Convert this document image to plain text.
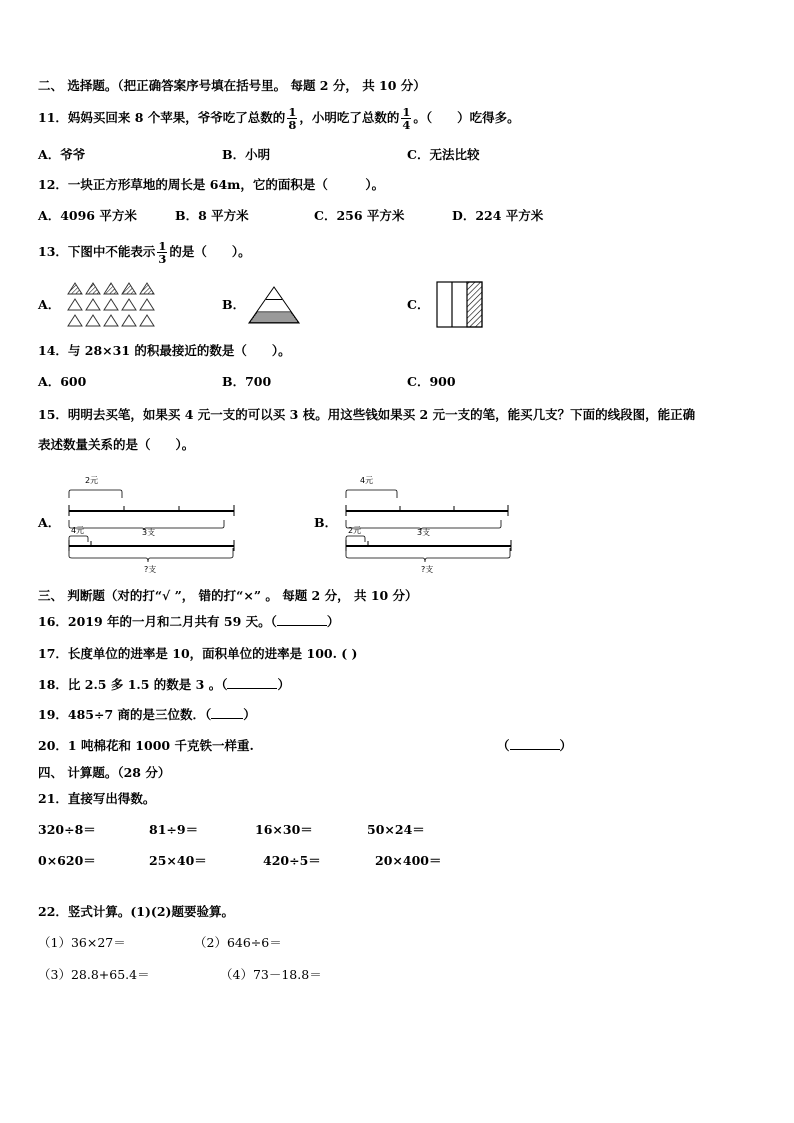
二、 选择题。（把正确答案序号填在括号里。 每题 2 分， 共 10 分）
11．妈妈买回来 8 个苹果，爷爷吃了总数的 $\frac{1}{8}$ ，小明吃了总数的 $\frac{1}{4}$ 。（　　）吃得多。
A．爷爷	B．小明	C．无法比较
12．一块正方形草地的周长是 64m，它的面积是（　　　）。
A．4096 平方米	B．8 平方米	C．256 平方米	D．224 平方米
13．下图中不能表示 $\frac{1}{3}$ 的是（　　）。
A．	B．	C．
14．与 28×31 的积最接近的数是（　　）。
A．600	B．700	C．900
15．明明去买笔，如果买 4 元一支的可以买 3 枝。用这些钱如果买 2 元一支的笔，能买几支？下面的线段图，能正确
表述数量关系的是（　　）。
A．	B．
2元
4元	3支
?支
4元
2元	3支
?支
三、 判断题（对的打“√ ”， 错的打“×” 。 每题 2 分， 共 10 分）
16．2019 年的一月和二月共有 59 天。（	）
17．长度单位的进率是 10，面积单位的进率是 100. ( )
18．比 2.5 多 1.5 的数是 3 。（	）
19．485÷7 商的是三位数．（	）
20．1 吨棉花和 1000 千克铁一样重.	（	）
四、 计算题。（28 分）
21．直接写出得数。
320÷8＝	81÷9＝	16×30＝	50×24＝
0×620＝	25×40＝	420÷5＝	20×400＝
22．竖式计算。(1)(2)题要验算。
（1）36×27＝	（2）646÷6＝
（3）28.8+65.4＝	（4）73－18.8＝
